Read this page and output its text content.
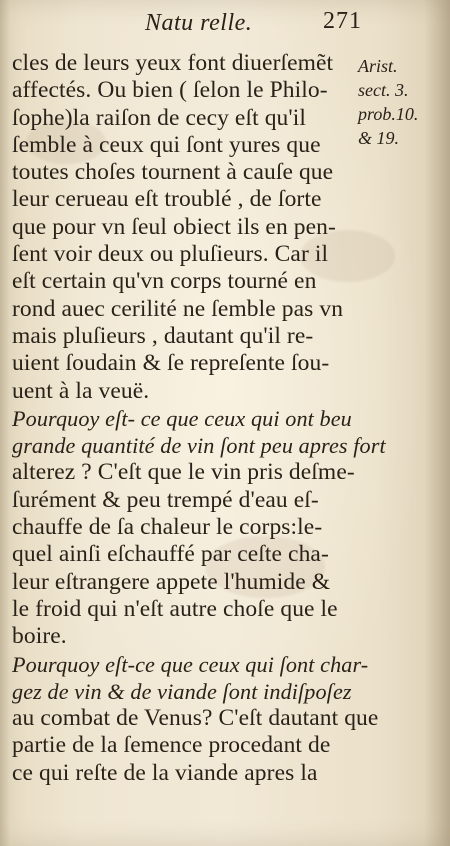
Natu relle.	271
cles de leurs yeux font diuerſemẽt
affectés. Ou bien ( ſelon le Philo-
ſophe)la raiſon de cecy eſt qu'il
ſemble à ceux qui ſont yures que
toutes choſes tournent à cauſe que
leur cerueau eſt troublé , de ſorte
que pour vn ſeul obiect ils en pen-
ſent voir deux ou pluſieurs. Car il
eſt certain qu'vn corps tourné en
rond auec cerilité ne ſemble pas vn
mais pluſieurs , dautant qu'il re-
uient ſoudain & ſe repreſente ſou-
uent à la veuë.
Pourquoy eſt- ce que ceux qui ont beu
grande quantité de vin ſont peu apres fort
alterez ? C'eſt que le vin pris deſme-
ſurément & peu trempé d'eau eſ-
chauffe de ſa chaleur le corps:le-
quel ainſi eſchauffé par ceſte cha-
leur eſtrangere appete l'humide &
le froid qui n'eſt autre choſe que le
boire.
Pourquoy eſt-ce que ceux qui ſont char-
gez de vin & de viande ſont indiſpoſez
au combat de Venus? C'eſt dautant que
partie de la ſemence procedant de
ce qui reſte de la viande apres la
Arist.
sect. 3.
prob.10.
& 19.
